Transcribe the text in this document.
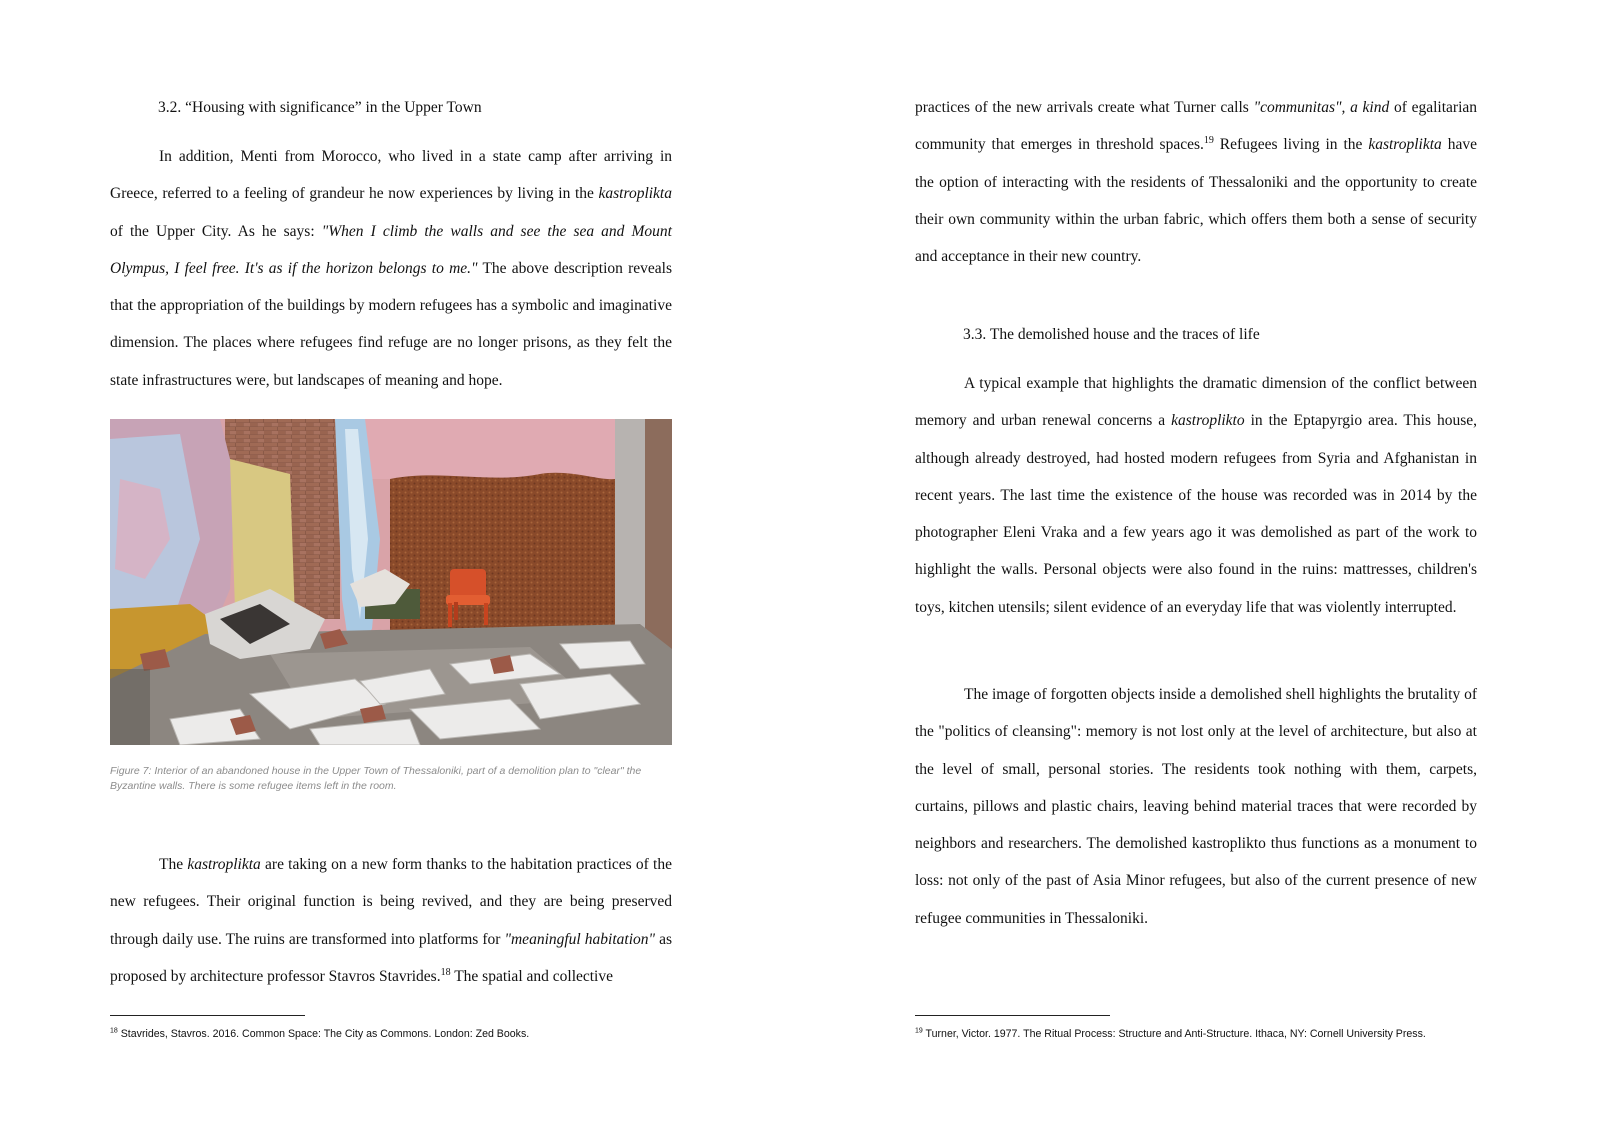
3.2. “Housing with significance” in the Upper Town

In addition, Menti from Morocco, who lived in a state camp after arriving in Greece, referred to a feeling of grandeur he now experiences by living in the kastroplikta of the Upper City. As he says: "When I climb the walls and see the sea and Mount Olympus, I feel free. It's as if the horizon belongs to me." The above description reveals that the appropriation of the buildings by modern refugees has a symbolic and imaginative dimension. The places where refugees find refuge are no longer prisons, as they felt the state infrastructures were, but landscapes of meaning and hope.

Figure 7: Interior of an abandoned house in the Upper Town of Thessaloniki, part of a demolition plan to "clear" the Byzantine walls. There is some refugee items left in the room.

The kastroplikta are taking on a new form thanks to the habitation practices of the new refugees. Their original function is being revived, and they are being preserved through daily use. The ruins are transformed into platforms for "meaningful habitation" as proposed by architecture professor Stavros Stavrides.$^{18}$ The spatial and collective

$^{18}$ Stavrides, Stavros. 2016. Common Space: The City as Commons. London: Zed Books.

practices of the new arrivals create what Turner calls "communitas", a kind of egalitarian community that emerges in threshold spaces.$^{19}$ Refugees living in the kastroplikta have the option of interacting with the residents of Thessaloniki and the opportunity to create their own community within the urban fabric, which offers them both a sense of security and acceptance in their new country.

3.3. The demolished house and the traces of life

A typical example that highlights the dramatic dimension of the conflict between memory and urban renewal concerns a kastroplikto in the Eptapyrgio area. This house, although already destroyed, had hosted modern refugees from Syria and Afghanistan in recent years. The last time the existence of the house was recorded was in 2014 by the photographer Eleni Vraka and a few years ago it was demolished as part of the work to highlight the walls. Personal objects were also found in the ruins: mattresses, children's toys, kitchen utensils; silent evidence of an everyday life that was violently interrupted.

The image of forgotten objects inside a demolished shell highlights the brutality of the "politics of cleansing": memory is not lost only at the level of architecture, but also at the level of small, personal stories. The residents took nothing with them, carpets, curtains, pillows and plastic chairs, leaving behind material traces that were recorded by neighbors and researchers. The demolished kastroplikto thus functions as a monument to loss: not only of the past of Asia Minor refugees, but also of the current presence of new refugee communities in Thessaloniki.

$^{19}$ Turner, Victor. 1977. The Ritual Process: Structure and Anti-Structure. Ithaca, NY: Cornell University Press.
